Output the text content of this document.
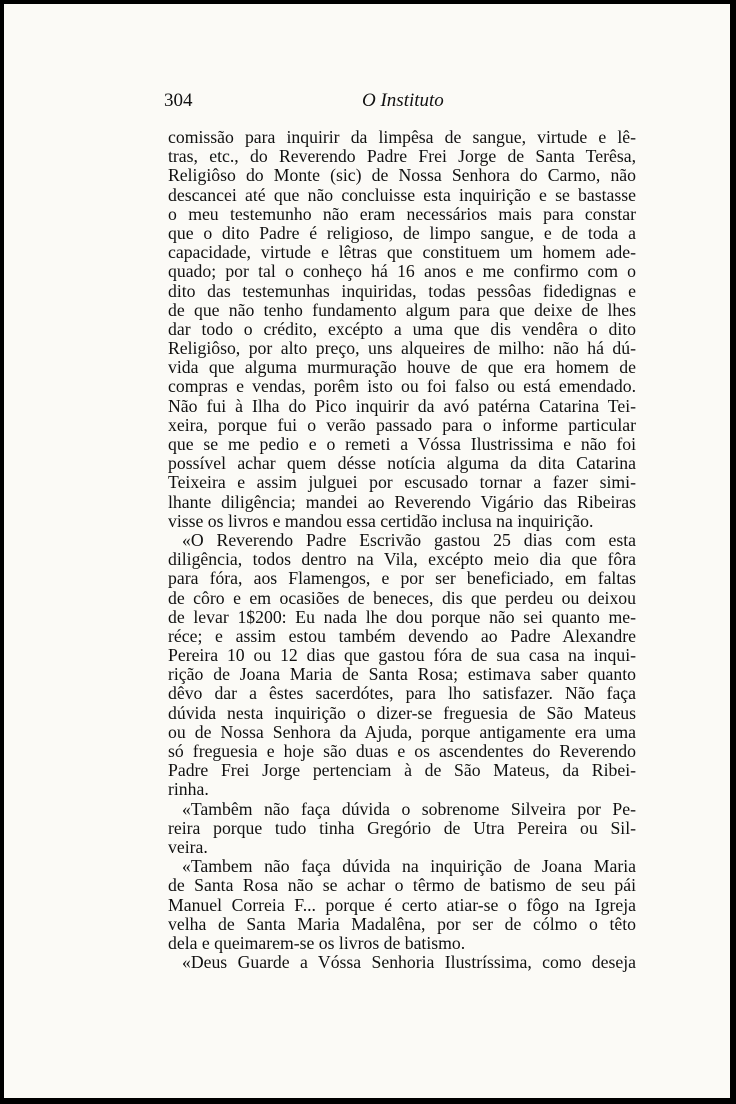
304	O Instituto
comissão para inquirir da limpêsa de sangue, virtude e lê-
tras, etc., do Reverendo Padre Frei Jorge de Santa Terêsa,
Religiôso do Monte (sic) de Nossa Senhora do Carmo, não
descancei até que não concluisse esta inquirição e se bastasse
o meu testemunho não eram necessários mais para constar
que o dito Padre é religioso, de limpo sangue, e de toda a
capacidade, virtude e lêtras que constituem um homem ade-
quado; por tal o conheço há 16 anos e me confirmo com o
dito das testemunhas inquiridas, todas pessôas fidedignas e
de que não tenho fundamento algum para que deixe de lhes
dar todo o crédito, excépto a uma que dis vendêra o dito
Religiôso, por alto preço, uns alqueires de milho: não há dú-
vida que alguma murmuração houve de que era homem de
compras e vendas, porêm isto ou foi falso ou está emendado.
Não fui à Ilha do Pico inquirir da avó patérna Catarina Tei-
xeira, porque fui o verão passado para o informe particular
que se me pedio e o remeti a Vóssa Ilustrissima e não foi
possível achar quem désse notícia alguma da dita Catarina
Teixeira e assim julguei por escusado tornar a fazer simi-
lhante diligência; mandei ao Reverendo Vigário das Ribeiras
visse os livros e mandou essa certidão inclusa na inquirição.
«O Reverendo Padre Escrivão gastou 25 dias com esta
diligência, todos dentro na Vila, excépto meio dia que fôra
para fóra, aos Flamengos, e por ser beneficiado, em faltas
de côro e em ocasiões de beneces, dis que perdeu ou deixou
de levar 1$200: Eu nada lhe dou porque não sei quanto me-
réce; e assim estou também devendo ao Padre Alexandre
Pereira 10 ou 12 dias que gastou fóra de sua casa na inqui-
rição de Joana Maria de Santa Rosa; estimava saber quanto
dêvo dar a êstes sacerdótes, para lho satisfazer. Não faça
dúvida nesta inquirição o dizer-se freguesia de São Mateus
ou de Nossa Senhora da Ajuda, porque antigamente era uma
só freguesia e hoje são duas e os ascendentes do Reverendo
Padre Frei Jorge pertenciam à de São Mateus, da Ribei-
rinha.
«Tambêm não faça dúvida o sobrenome Silveira por Pe-
reira porque tudo tinha Gregório de Utra Pereira ou Sil-
veira.
«Tambem não faça dúvida na inquirição de Joana Maria
de Santa Rosa não se achar o têrmo de batismo de seu pái
Manuel Correia F... porque é certo atiar-se o fôgo na Igreja
velha de Santa Maria Madalêna, por ser de cólmo o têto
dela e queimarem-se os livros de batismo.
«Deus Guarde a Vóssa Senhoria Ilustríssima, como deseja
